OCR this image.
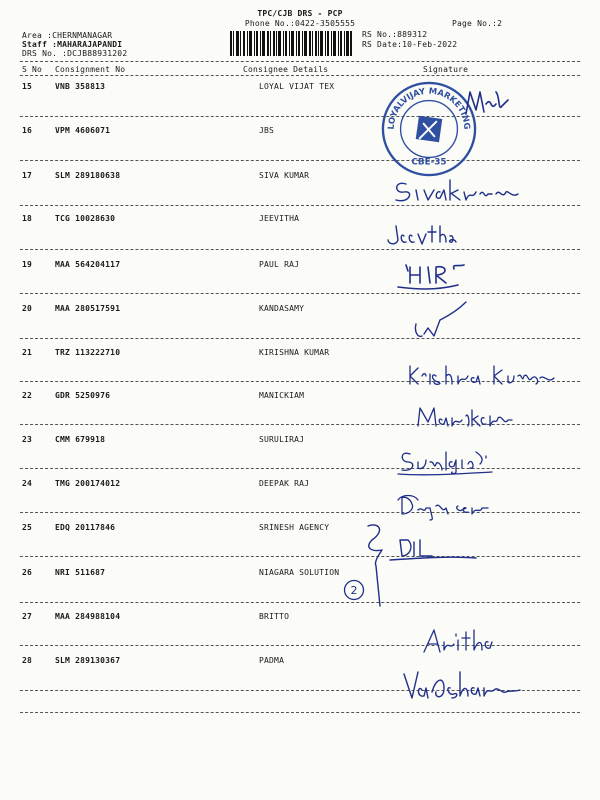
TPC/CJB DRS - PCP
Phone No.:0422-3505555	Page No.:2
Area :CHERNMANAGAR
Staff :MAHARAJAPANDI
DRS No. :DCJB88931202
RS No.:889312
RS Date:10-Feb-2022
S No Consignment No	Consignee Details	Signature
15	VNB 358813	LOYAL VIJAT TEX
16	VPM 4606071	JBS
17	SLM 289180638	SIVA KUMAR
18	TCG 10028630	JEEVITHA
19	MAA 564204117	PAUL RAJ
20	MAA 280517591	KANDASAMY
21	TRZ 113222710	KIRISHNA KUMAR
22	GDR 5250976	MANICKIAM
23	CMM 679918	SURULIRAJ
24	TMG 200174012	DEEPAK RAJ
25	EDQ 20117846	SRINESH AGENCY
26	NRI 511687	NIAGARA SOLUTION
27	MAA 284988104	BRITTO
28	SLM 289130367	PADMA
LOYALVIJAY MARKETING
CBE-35
2
